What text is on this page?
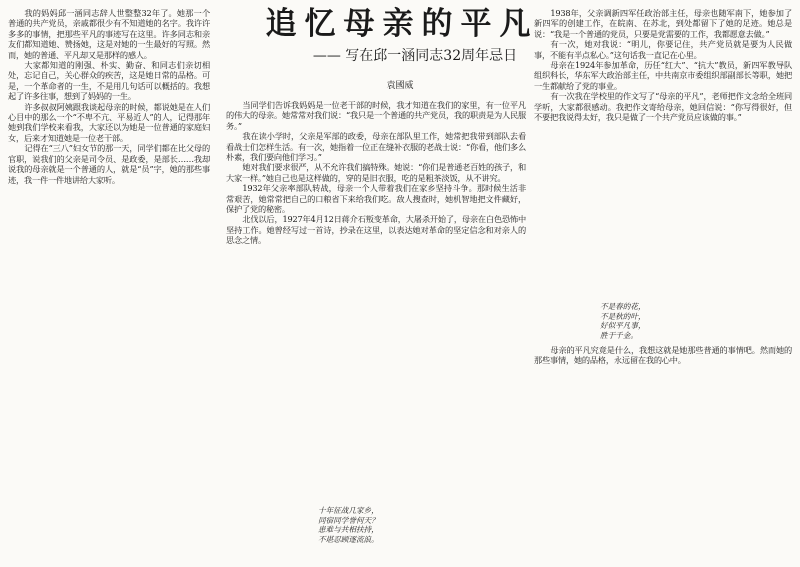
追忆母亲的平凡
—— 写在邱一涵同志32周年忌日
袁國威

我的妈妈邱一涵同志辞人世整整32年了。她那一个普通的共产党员，亲戚都很少有不知道她的名字。我许许多多的事情，把那些平凡的事迹写在这里。许多同志和亲友们都知道她、赞扬她，这是对她的一生最好的写照。然而，她的普通、平凡却又是那样的感人。

大家都知道的刚强、朴实、勤奋、和同志们亲切相处，忘记自己，关心群众的疾苦，这是她日常的品格。可是，一个革命者的一生，不是用几句话可以概括的。我想起了许多往事，想到了妈妈的一生。

许多叔叔阿姨跟我谈起母亲的时候，都说她是在人们心目中的那么一个“不卑不亢、平易近人”的人，记得那年她到我们学校来看我，大家还以为她是一位普通的家庭妇女，后来才知道她是一位老干部。

记得在“三八”妇女节的那一天，同学们都在比父母的官职，说我们的父亲是司令员、是政委，是部长……我却说我的母亲就是一个普通的人，就是“员”字，她的那些事迹，我一件一件地讲给大家听。

当同学们告诉我妈妈是一位老干部的时候，我才知道在我们的家里，有一位平凡的伟大的母亲。她常常对我们说：“我只是一个普通的共产党员，我的职责是为人民服务。”

我在读小学时，父亲是军部的政委，母亲在部队里工作，她常把我带到部队去看看战士们怎样生活。有一次，她指着一位正在缝补衣服的老战士说：“你看，他们多么朴素，我们要向他们学习。”

她对我们要求很严，从不允许我们搞特殊。她说：“你们是普通老百姓的孩子，和大家一样。”她自己也是这样做的，穿的是旧衣服，吃的是粗茶淡饭，从不讲究。

1932年父亲率部队转战，母亲一个人带着我们在家乡坚持斗争。那时候生活非常艰苦，她常常把自己的口粮省下来给我们吃。敌人搜查时，她机智地把文件藏好，保护了党的秘密。

北伐以后，1927年4月12日蒋介石叛变革命，大屠杀开始了，母亲在白色恐怖中坚持工作。她曾经写过一首诗，抄录在这里，以表达她对革命的坚定信念和对亲人的思念之情。

十年征战几家乡，
同宿同学誉何天？
患难与共相扶持，
不堪忍顾逐流浪。

1938年，父亲调新四军任政治部主任，母亲也随军南下，她参加了新四军的创建工作，在皖南、在苏北，到处都留下了她的足迹。她总是说：“我是一个普通的党员，只要是党需要的工作，我都愿意去做。”

有一次，她对我说：“明儿，你要记住，共产党员就是要为人民做事，不能有半点私心。”这句话我一直记在心里。

母亲在1924年参加革命，历任“红大”、“抗大”教员，新四军教导队组织科长，华东军大政治部主任，中共南京市委组织部副部长等职，她把一生都献给了党的事业。

有一次我在学校里的作文写了“母亲的平凡”，老师把作文念给全班同学听，大家都很感动。我把作文寄给母亲，她回信说：“你写得很好，但不要把我说得太好，我只是做了一个共产党员应该做的事。”

不是春的花，
不是秋的叶，
好似平凡事，
胜于千金。

母亲的平凡究竟是什么，我想这就是她那些普通的事情吧。然而她的那些事情，她的品格，永远留在我的心中。
